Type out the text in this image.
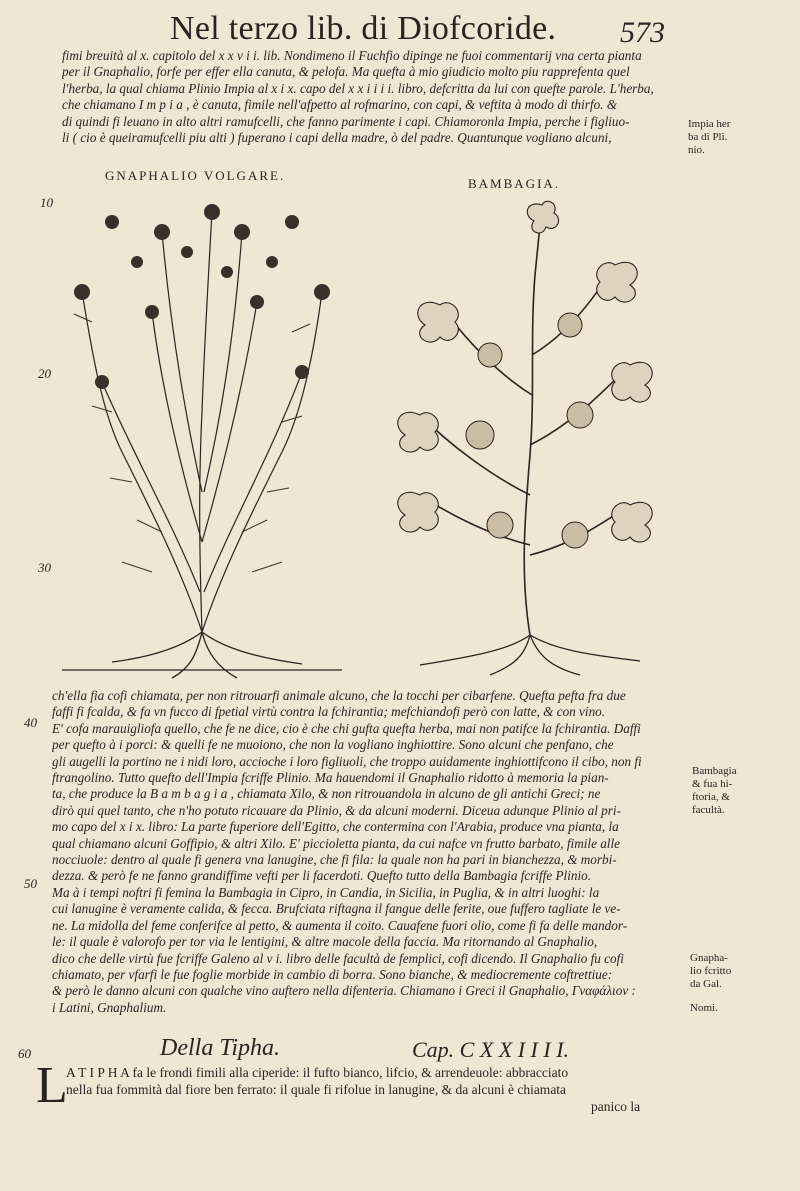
Nel terzo lib. di Diofcoride. 573
fimi breuità al x. capitolo del x x v i i. lib. Nondimeno il Fuchfio dipinge ne fuoi commentarij vna certa pianta
per il Gnaphalio, forfe per effer ella canuta, & pelofa. Ma quefta à mio giudicio molto piu rapprefenta quel
l'herba, la qual chiama Plinio Impia al x i x. capo del x x i i i i. libro, defcritta da lui con quefte parole. L'herba,
che chiamano I m p i a , è canuta, fimile nell'afpetto al rofmarino, con capi, & veftita à modo di thirfo. &
di quindi fi leuano in alto altri ramufcelli, che fanno parimente i capi. Chiamoronla Impia, perche i figliuo-
li ( cio è queiramufcelli piu alti ) fuperano i capi della madre, ò del padre. Quantunque vogliano alcuni,
Impia her
ba di Pli.
nio.
Bambagia
& fua hi-
ftoria, &
facultà.
Gnapha-
lio fcritto
da Gal.
Nomi.
10
20
30
40
50
60
GNAPHALIO VOLGARE.
BAMBAGIA.
ch'ella fia cofi chiamata, per non ritrouarfi animale alcuno, che la tocchi per cibarfene. Quefta pefta fra due
faffi fi fcalda, & fa vn fucco di fpetial virtù contra la fchirantia; mefchiandofi però con latte, & con vino.
E' cofa marauigliofa quello, che fe ne dice, cio è che chi gufta quefta herba, mai non patifce la fchirantia. Daffi
per quefto à i porci: & quelli fe ne muoiono, che non la vogliano inghiottire. Sono alcuni che penfano, che
gli augelli la portino ne i nidi loro, accioche i loro figliuoli, che troppo auidamente inghiottifcono il cibo, non fi
ftrangolino. Tutto quefto dell'Impia fcriffe Plinio. Ma hauendomi il Gnaphalio ridotto à memoria la pian-
ta, che produce la B a m b a g i a , chiamata Xilo, & non ritrouandola in alcuno de gli antichi Greci; ne
dirò qui quel tanto, che n'ho potuto ricauare da Plinio, & da alcuni moderni. Diceua adunque Plinio al pri-
mo capo del x i x. libro: La parte fuperiore dell'Egitto, che contermina con l'Arabia, produce vna pianta, la
qual chiamano alcuni Goffipio, & altri Xilo. E' piccioletta pianta, da cui nafce vn frutto barbato, fimile alle
nocciuole: dentro al quale fi genera vna lanugine, che fi fila: la quale non ha pari in bianchezza, & morbi-
dezza. & però fe ne fanno grandiffime vefti per li facerdoti. Quefto tutto della Bambagia fcriffe Plinio.
Ma à i tempi noftri fi femina la Bambagia in Cipro, in Candia, in Sicilia, in Puglia, & in altri luoghi: la
cui lanugine è veramente calida, & fecca. Brufciata riftagna il fangue delle ferite, oue fuffero tagliate le ve-
ne. La midolla del feme conferifce al petto, & aumenta il coito. Cauafene fuori olio, come fi fa delle mandor-
le: il quale è valorofo per tor via le lentigini, & altre macole della faccia. Ma ritornando al Gnaphalio,
dico che delle virtù fue fcriffe Galeno al v i. libro delle facultà de femplici, cofi dicendo. Il Gnaphalio fu cofi
chiamato, per vfarfi le fue foglie morbide in cambio di borra. Sono bianche, & mediocremente coftrettiue:
& però le danno alcuni con qualche vino auftero nella difenteria. Chiamano i Greci il Gnaphalio, Γναφάλιον :
i Latini, Gnaphalium.
Della Tipha.	Cap. C X X I I I I.
L
A T I P H A fa le frondi fimili alla ciperide: il fufto bianco, lifcio, & arrendeuole: abbracciato
nella fua fommità dal fiore ben ferrato: il quale fi rifolue in lanugine, & da alcuni è chiamata
panico la
